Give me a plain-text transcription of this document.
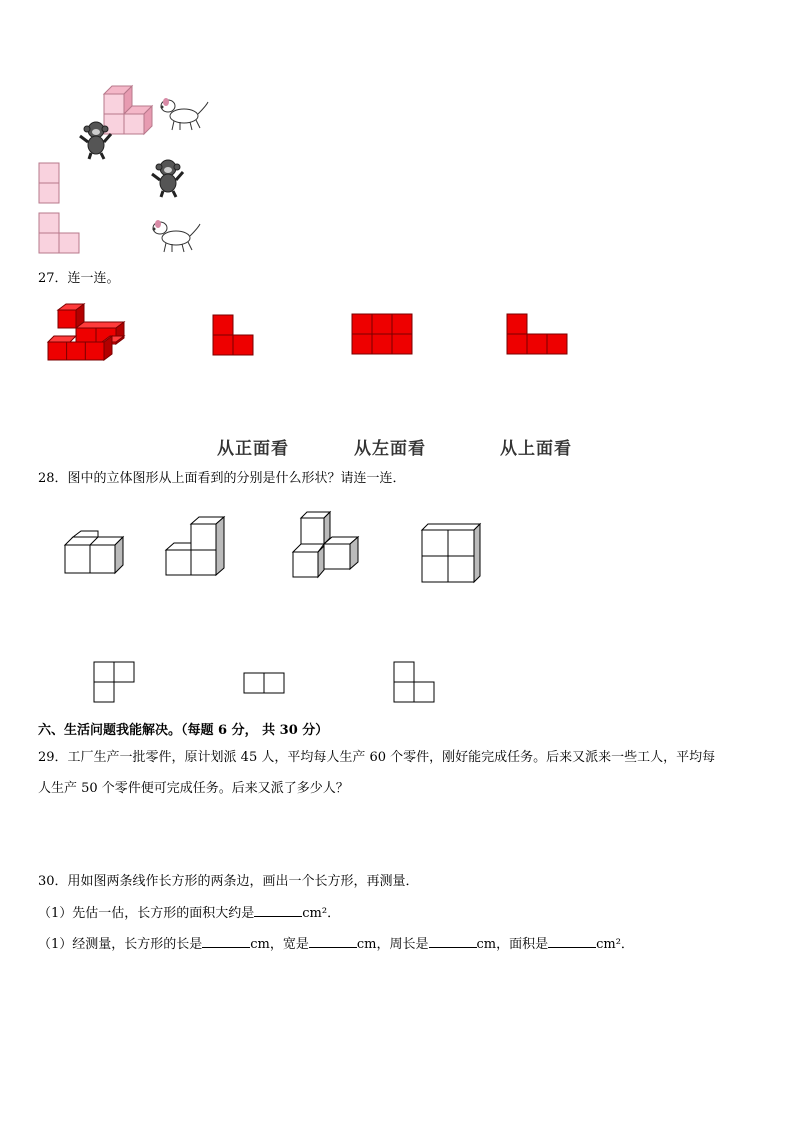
27．连一连。
从正面看	从左面看	从上面看
28．图中的立体图形从上面看到的分别是什么形状？请连一连．
六、生活问题我能解决。（每题 6 分， 共 30 分）
29．工厂生产一批零件，原计划派 45 人，平均每人生产 60 个零件，刚好能完成任务。后来又派来一些工人，平均每
人生产 50 个零件便可完成任务。后来又派了多少人？
30．用如图两条线作长方形的两条边，画出一个长方形，再测量．
（1）先估一估，长方形的面积大约是	cm²．
（1）经测量，长方形的长是	cm，宽是	cm，周长是	cm，面积是	cm²．
